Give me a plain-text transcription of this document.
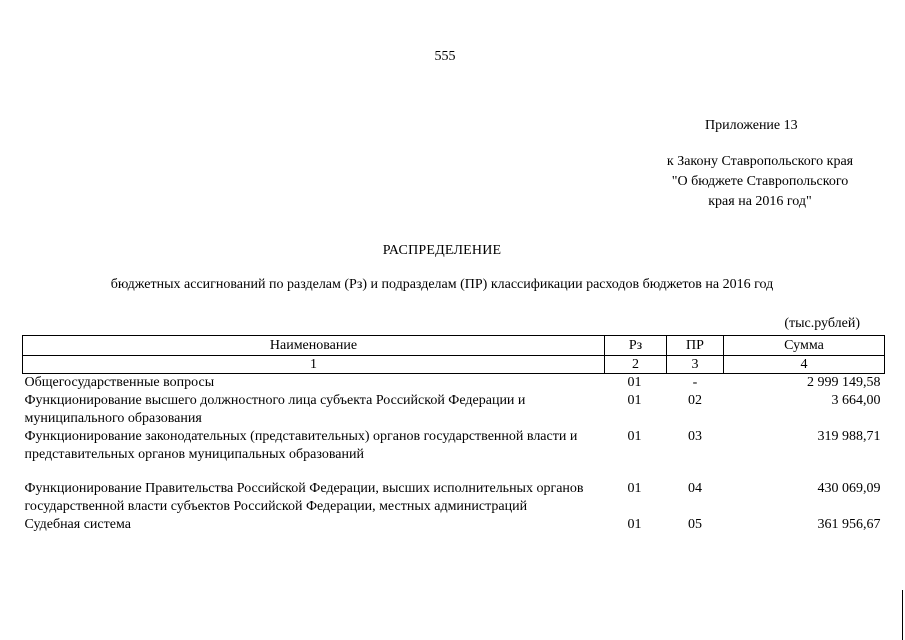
555
Приложение 13
к Закону Ставропольского края
"О бюджете Ставропольского
края на 2016 год"
РАСПРЕДЕЛЕНИЕ
бюджетных ассигнований по разделам (Рз) и подразделам (ПР) классификации расходов бюджетов на 2016 год
(тыс.рублей)
Наименование	Рз	ПР	Сумма
1	2	3	4
Общегосударственные вопросы	01	-	2 999 149,58
Функционирование высшего должностного лица субъекта Российской Федерации и муниципального образования	01	02	3 664,00
Функционирование законодательных (представительных) органов государственной власти и представительных органов муниципальных образований	01	03	319 988,71

Функционирование Правительства Российской Федерации, высших исполнительных органов государственной власти субъектов Российской Федерации, местных администраций	01	04	430 069,09
Судебная система	01	05	361 956,67
